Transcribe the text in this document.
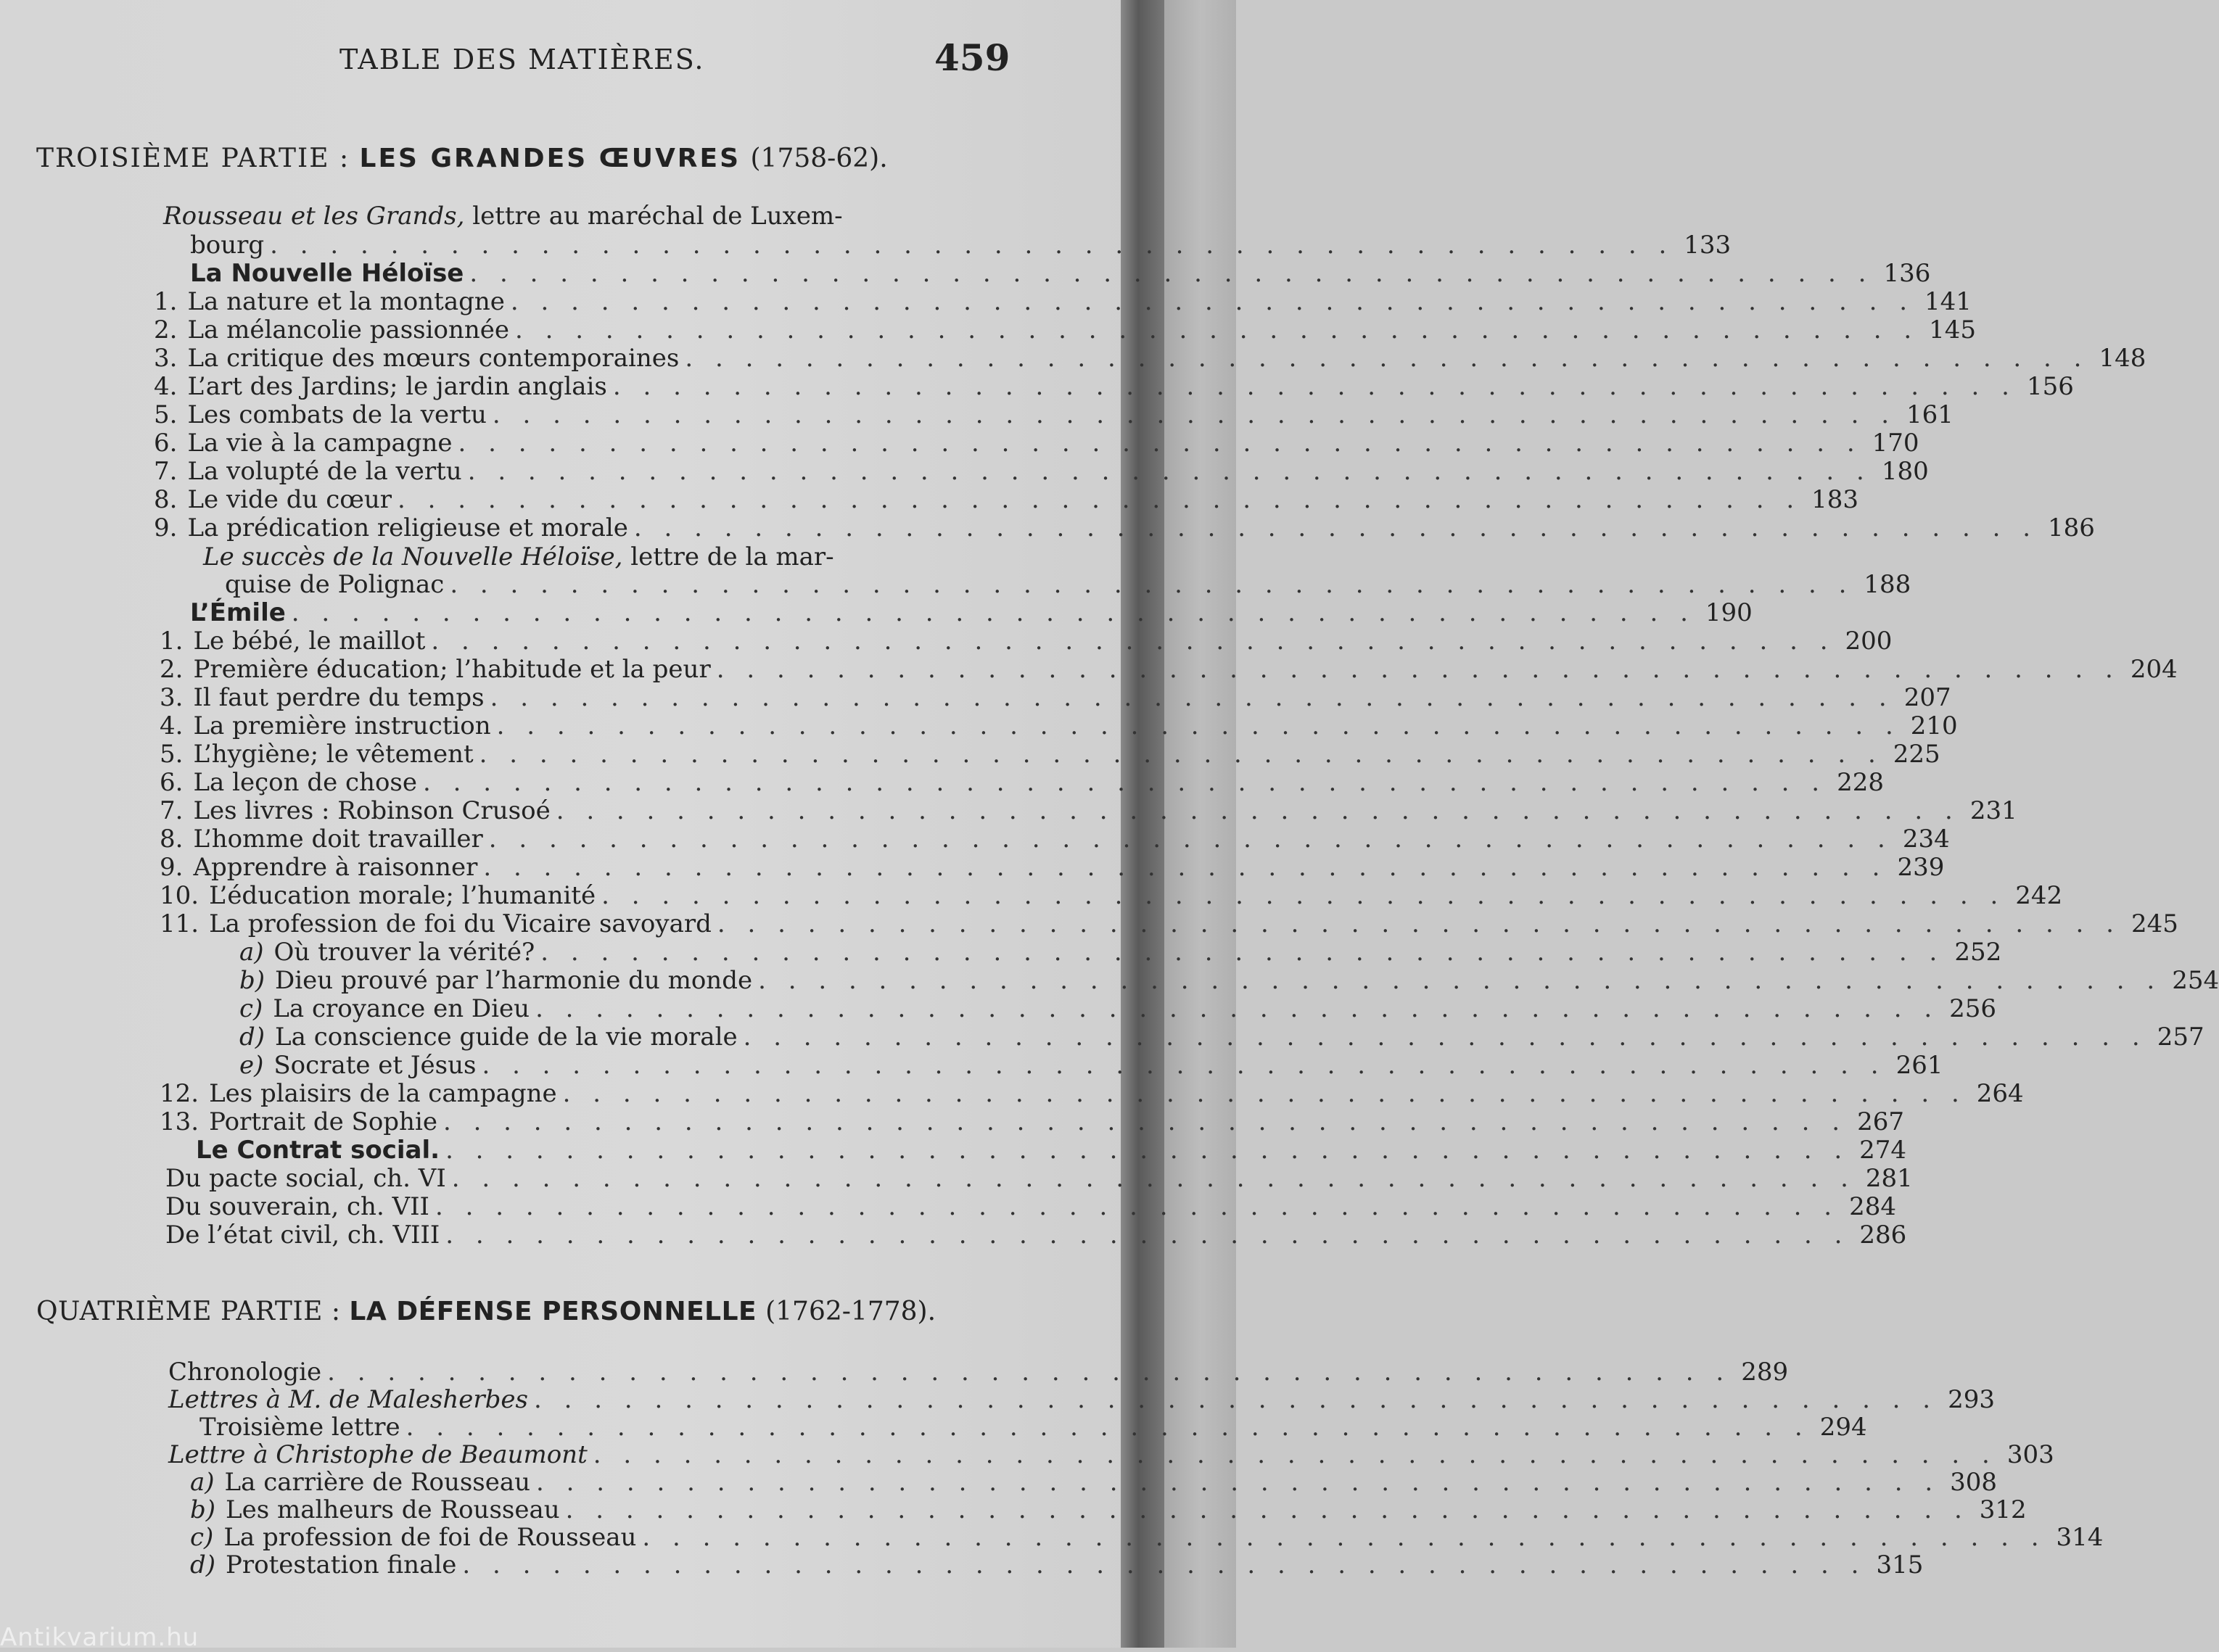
TABLE DES MATIÈRES.	459
TROISIÈME PARTIE : LES GRANDES ŒUVRES (1758-62).
Rousseau et les Grands, lettre au maréchal de Luxem-
bourg . . . . . . . . . . . . . . . . . . . . . . . . . . . . . . . . . . . . . . . . . . . . . . . 133
La Nouvelle Héloïse . . . . . . . . . . . . . . . . . . . . . . . . . . . . . . . . . . . . . . . . . . . . . . . 136
1. La nature et la montagne . . . . . . . . . . . . . . . . . . . . . . . . . . . . . . . . . . . . . . . . . . . . . . . 141
2. La mélancolie passionnée . . . . . . . . . . . . . . . . . . . . . . . . . . . . . . . . . . . . . . . . . . . . . . . 145
3. La critique des mœurs contemporaines . . . . . . . . . . . . . . . . . . . . . . . . . . . . . . . . . . . . . . . . . . . . . . . 148
4. L’art des Jardins; le jardin anglais . . . . . . . . . . . . . . . . . . . . . . . . . . . . . . . . . . . . . . . . . . . . . . . 156
5. Les combats de la vertu . . . . . . . . . . . . . . . . . . . . . . . . . . . . . . . . . . . . . . . . . . . . . . . 161
6. La vie à la campagne . . . . . . . . . . . . . . . . . . . . . . . . . . . . . . . . . . . . . . . . . . . . . . . 170
7. La volupté de la vertu . . . . . . . . . . . . . . . . . . . . . . . . . . . . . . . . . . . . . . . . . . . . . . . 180
8. Le vide du cœur . . . . . . . . . . . . . . . . . . . . . . . . . . . . . . . . . . . . . . . . . . . . . . . 183
9. La prédication religieuse et morale . . . . . . . . . . . . . . . . . . . . . . . . . . . . . . . . . . . . . . . . . . . . . . . 186
Le succès de la Nouvelle Héloïse, lettre de la mar-
quise de Polignac . . . . . . . . . . . . . . . . . . . . . . . . . . . . . . . . . . . . . . . . . . . . . . . 188
L’Émile . . . . . . . . . . . . . . . . . . . . . . . . . . . . . . . . . . . . . . . . . . . . . . . 190
1. Le bébé, le maillot . . . . . . . . . . . . . . . . . . . . . . . . . . . . . . . . . . . . . . . . . . . . . . . 200
2. Première éducation; l’habitude et la peur . . . . . . . . . . . . . . . . . . . . . . . . . . . . . . . . . . . . . . . . . . . . . . . 204
3. Il faut perdre du temps . . . . . . . . . . . . . . . . . . . . . . . . . . . . . . . . . . . . . . . . . . . . . . . 207
4. La première instruction . . . . . . . . . . . . . . . . . . . . . . . . . . . . . . . . . . . . . . . . . . . . . . . 210
5. L’hygiène; le vêtement . . . . . . . . . . . . . . . . . . . . . . . . . . . . . . . . . . . . . . . . . . . . . . . 225
6. La leçon de chose . . . . . . . . . . . . . . . . . . . . . . . . . . . . . . . . . . . . . . . . . . . . . . . 228
7. Les livres : Robinson Crusoé . . . . . . . . . . . . . . . . . . . . . . . . . . . . . . . . . . . . . . . . . . . . . . . 231
8. L’homme doit travailler . . . . . . . . . . . . . . . . . . . . . . . . . . . . . . . . . . . . . . . . . . . . . . . 234
9. Apprendre à raisonner . . . . . . . . . . . . . . . . . . . . . . . . . . . . . . . . . . . . . . . . . . . . . . . 239
10. L’éducation morale; l’humanité . . . . . . . . . . . . . . . . . . . . . . . . . . . . . . . . . . . . . . . . . . . . . . . 242
11. La profession de foi du Vicaire savoyard . . . . . . . . . . . . . . . . . . . . . . . . . . . . . . . . . . . . . . . . . . . . . . . 245
a) Où trouver la vérité? . . . . . . . . . . . . . . . . . . . . . . . . . . . . . . . . . . . . . . . . . . . . . . . 252
b) Dieu prouvé par l’harmonie du monde . . . . . . . . . . . . . . . . . . . . . . . . . . . . . . . . . . . . . . . . . . . . . . . 254
c) La croyance en Dieu . . . . . . . . . . . . . . . . . . . . . . . . . . . . . . . . . . . . . . . . . . . . . . . 256
d) La conscience guide de la vie morale . . . . . . . . . . . . . . . . . . . . . . . . . . . . . . . . . . . . . . . . . . . . . . . 257
e) Socrate et Jésus . . . . . . . . . . . . . . . . . . . . . . . . . . . . . . . . . . . . . . . . . . . . . . . 261
12. Les plaisirs de la campagne . . . . . . . . . . . . . . . . . . . . . . . . . . . . . . . . . . . . . . . . . . . . . . . 264
13. Portrait de Sophie . . . . . . . . . . . . . . . . . . . . . . . . . . . . . . . . . . . . . . . . . . . . . . . 267
Le Contrat social. . . . . . . . . . . . . . . . . . . . . . . . . . . . . . . . . . . . . . . . . . . . . . . . 274
Du pacte social, ch. VI . . . . . . . . . . . . . . . . . . . . . . . . . . . . . . . . . . . . . . . . . . . . . . . 281
Du souverain, ch. VII . . . . . . . . . . . . . . . . . . . . . . . . . . . . . . . . . . . . . . . . . . . . . . . 284
De l’état civil, ch. VIII . . . . . . . . . . . . . . . . . . . . . . . . . . . . . . . . . . . . . . . . . . . . . . . 286
QUATRIÈME PARTIE : LA DÉFENSE PERSONNELLE (1762-1778).
Chronologie . . . . . . . . . . . . . . . . . . . . . . . . . . . . . . . . . . . . . . . . . . . . . . . 289
Lettres à M. de Malesherbes . . . . . . . . . . . . . . . . . . . . . . . . . . . . . . . . . . . . . . . . . . . . . . . 293
Troisième lettre . . . . . . . . . . . . . . . . . . . . . . . . . . . . . . . . . . . . . . . . . . . . . . . 294
Lettre à Christophe de Beaumont . . . . . . . . . . . . . . . . . . . . . . . . . . . . . . . . . . . . . . . . . . . . . . . 303
a) La carrière de Rousseau . . . . . . . . . . . . . . . . . . . . . . . . . . . . . . . . . . . . . . . . . . . . . . . 308
b) Les malheurs de Rousseau . . . . . . . . . . . . . . . . . . . . . . . . . . . . . . . . . . . . . . . . . . . . . . . 312
c) La profession de foi de Rousseau . . . . . . . . . . . . . . . . . . . . . . . . . . . . . . . . . . . . . . . . . . . . . . . 314
d) Protestation finale . . . . . . . . . . . . . . . . . . . . . . . . . . . . . . . . . . . . . . . . . . . . . . . 315
Antikvarium.hu
